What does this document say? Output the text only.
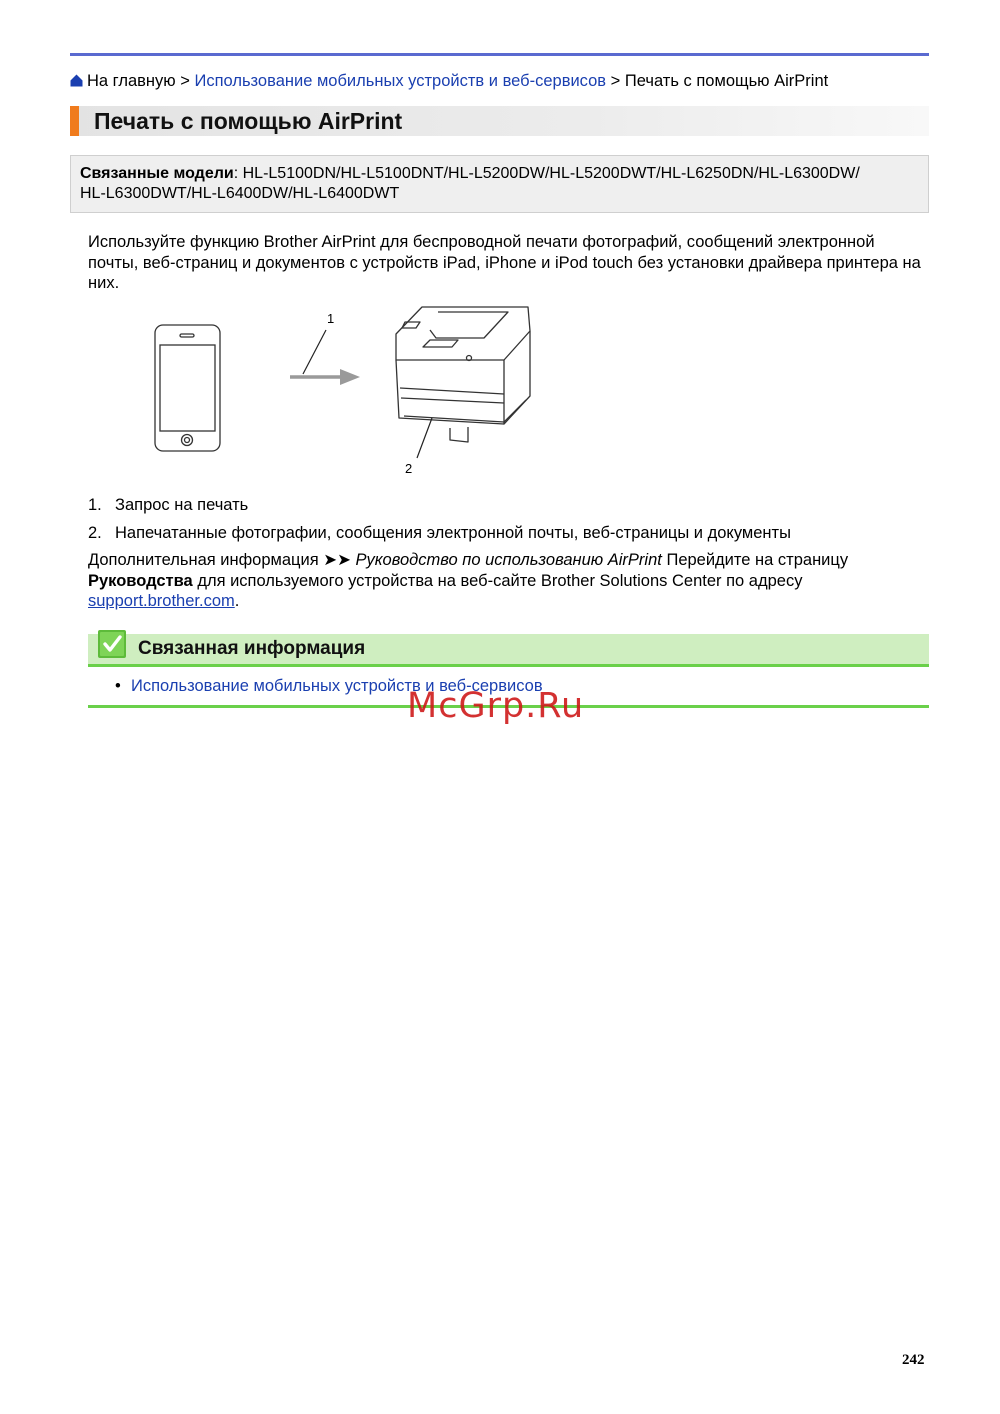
На главную > Использование мобильных устройств и веб-сервисов > Печать с помощью AirPrint
Печать с помощью AirPrint
Связанные модели: HL-L5100DN/HL-L5100DNT/HL-L5200DW/HL-L5200DWT/HL-L6250DN/HL-L6300DW/
HL-L6300DWT/HL-L6400DW/HL-L6400DWT
Используйте функцию Brother AirPrint для беспроводной печати фотографий, сообщений электронной почты, веб-страниц и документов с устройств iPad, iPhone и iPod touch без установки драйвера принтера на них.
1
2
1. Запрос на печать
2. Напечатанные фотографии, сообщения электронной почты, веб-страницы и документы
Дополнительная информация ➤➤ Руководство по использованию AirPrint Перейдите на страницу
Руководства для используемого устройства на веб-сайте Brother Solutions Center по адресу
support.brother.com.
Связанная информация
• Использование мобильных устройств и веб-сервисов
McGrp.Ru
242
